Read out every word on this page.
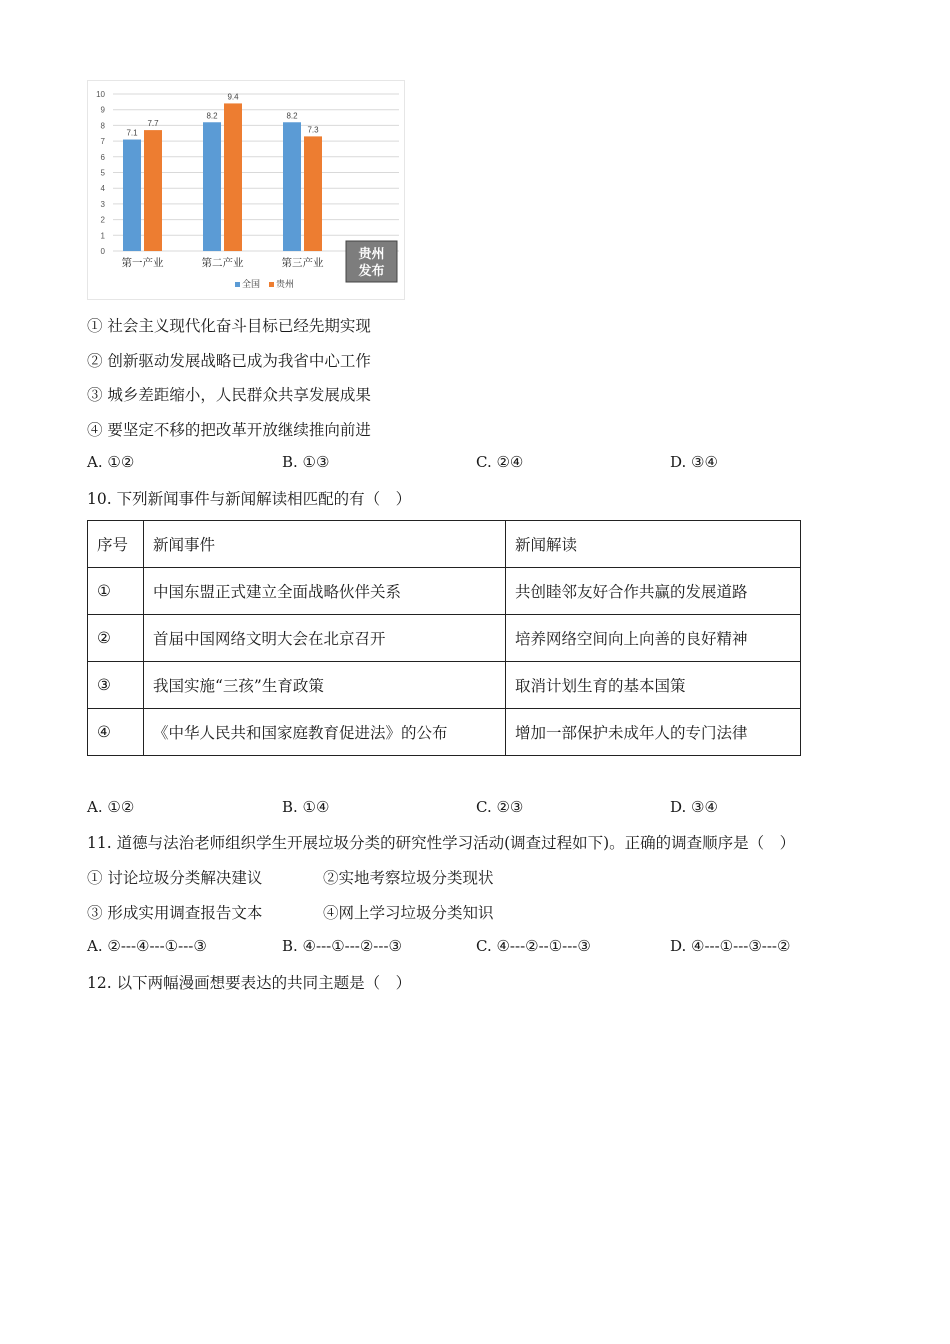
0
1
2
3
4
5
6
7
8
9
10
7.1
7.7
第一产业
8.2
9.4
第二产业
8.2
7.3
第三产业
全国 贵州
贵州
发布
① 社会主义现代化奋斗目标已经先期实现
② 创新驱动发展战略已成为我省中心工作
③ 城乡差距缩小，人民群众共享发展成果
④ 要坚定不移的把改革开放继续推向前进
A. ①②	B. ①③	C. ②④	D. ③④
10. 下列新闻事件与新闻解读相匹配的有（　）
序号	新闻事件	新闻解读
①	中国东盟正式建立全面战略伙伴关系	共创睦邻友好合作共赢的发展道路
②	首届中国网络文明大会在北京召开	培养网络空间向上向善的良好精神
③	我国实施“三孩”生育政策	取消计划生育的基本国策
④	《中华人民共和国家庭教育促进法》的公布	增加一部保护未成年人的专门法律
A. ①②	B. ①④	C. ②③	D. ③④
11. 道德与法治老师组织学生开展垃圾分类的研究性学习活动(调查过程如下)。正确的调查顺序是（　）
① 讨论垃圾分类解决建议	②实地考察垃圾分类现状
③ 形成实用调查报告文本	④网上学习垃圾分类知识
A. ②---④---①---③	B. ④---①---②---③	C. ④---②--①---③	D. ④---①---③---②
12. 以下两幅漫画想要表达的共同主题是（　）
